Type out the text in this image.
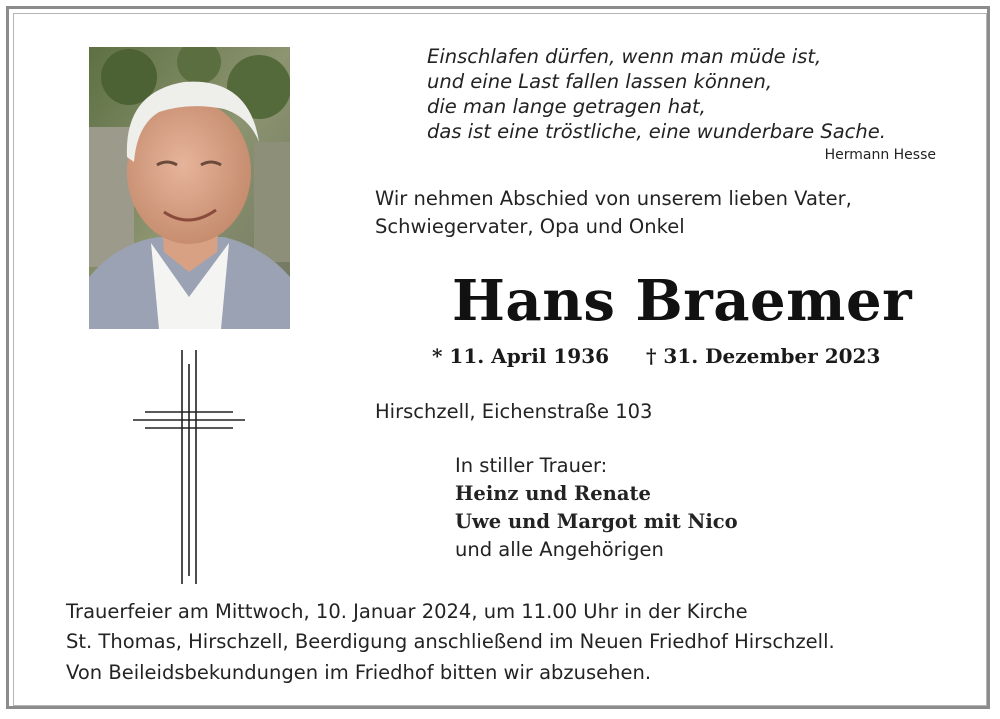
Einschlafen dürfen, wenn man müde ist,
und eine Last fallen lassen können,
die man lange getragen hat,
das ist eine tröstliche, eine wunderbare Sache.
Hermann Hesse
Wir nehmen Abschied von unserem lieben Vater,
Schwiegervater, Opa und Onkel
Hans Braemer
* 11. April 1936 † 31. Dezember 2023
Hirschzell, Eichenstraße 103
In stiller Trauer:
Heinz und Renate
Uwe und Margot mit Nico
und alle Angehörigen
Trauerfeier am Mittwoch, 10. Januar 2024, um 11.00 Uhr in der Kirche
St. Thomas, Hirschzell, Beerdigung anschließend im Neuen Friedhof Hirschzell.
Von Beileidsbekundungen im Friedhof bitten wir abzusehen.
